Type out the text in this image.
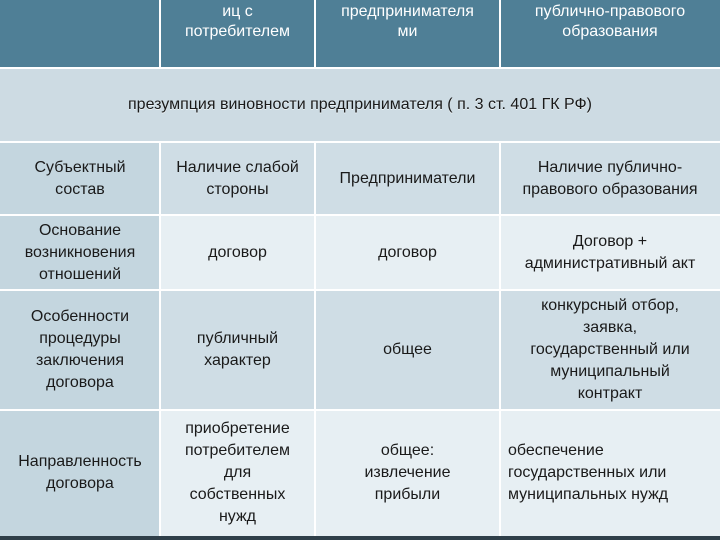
иц с
потребителем
предпринимателя
ми
публично-правового
образования
презумпция виновности предпринимателя ( п. 3 ст. 401 ГК РФ)
Субъектный
состав
Наличие слабой
стороны
Предприниматели
Наличие публично-
правового образования
Основание
возникновения
отношений
договор	договор
Договор +
административный акт
Особенности
процедуры
заключения
договора
публичный
характер
общее
конкурсный отбор,
заявка,
государственный или
муниципальный
контракт
Направленность
договора
приобретение
потребителем
для
собственных
нужд
общее:
извлечение
прибыли
обеспечение
государственных или
муниципальных нужд
